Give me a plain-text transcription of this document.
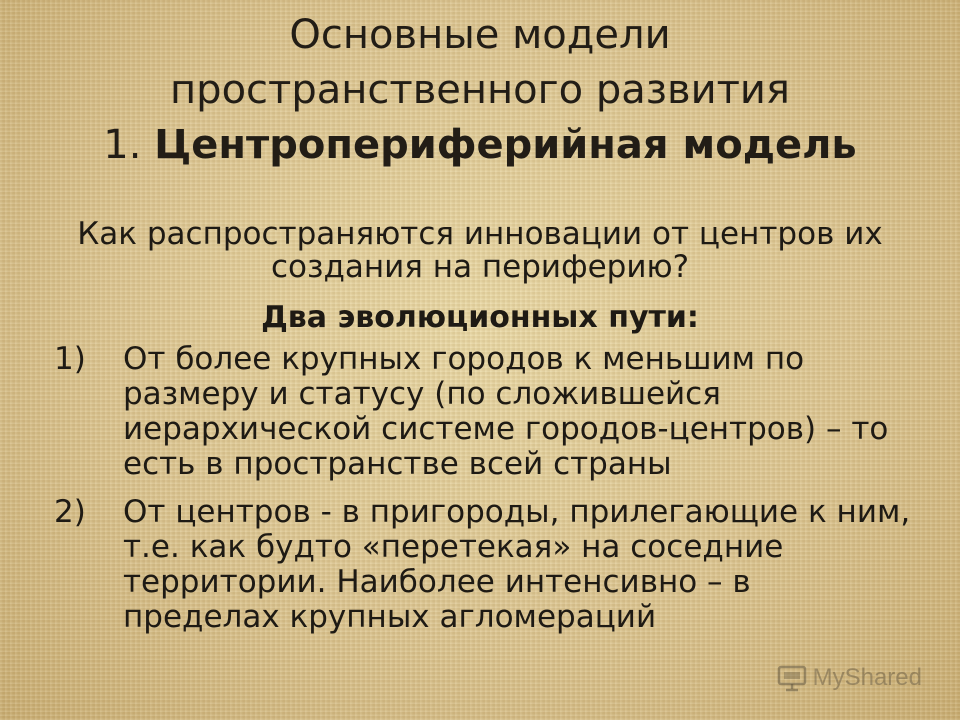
Основные модели
пространственного развития
1. Центропериферийная модель
Как распространяются инновации от центров их создания на периферию?
Два эволюционных пути:
1) От более крупных городов к меньшим по размеру и статусу (по сложившейся иерархической системе городов-центров) – то есть в пространстве всей страны
2) От центров - в пригороды, прилегающие к ним, т.е. как будто «перетекая» на соседние территории. Наиболее интенсивно – в пределах крупных агломераций
MyShared
